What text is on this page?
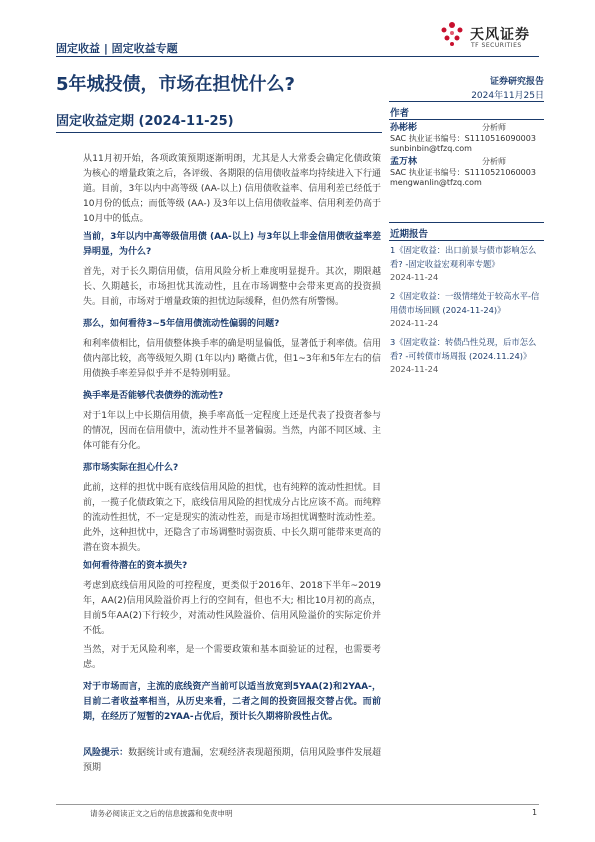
固定收益 | 固定收益专题
天风证券
TF SECURITIES
5年城投债，市场在担忧什么?	证券研究报告
2024年11月25日
固定收益定期 (2024-11-25)
作者
孙彬彬	分析师
SAC 执业证书编号：S1110516090003
sunbinbin@tfzq.com
孟万林	分析师
SAC 执业证书编号：S1110521060003
mengwanlin@tfzq.com
近期报告
1《固定收益：出口前景与债市影响怎么看? -固定收益宏观利率专题》
2024-11-24
2《固定收益：一级情绪处于较高水平-信用债市场回顾 (2024-11-24)》
2024-11-24
3《固定收益：转债凸性兑现，后市怎么看? -可转债市场周报 (2024.11.24)》
2024-11-24

从11月初开始，各项政策预期逐渐明朗，尤其是人大常委会确定化债政策为核心的增量政策之后，各评级、各期限的信用债收益率均持续进入下行通道。目前，3年以内中高等级 (AA-以上) 信用债收益率、信用利差已经低于10月份的低点；而低等级 (AA-) 及3年以上信用债收益率、信用利差仍高于10月中的低点。

当前，3年以内中高等级信用债 (AA-以上) 与3年以上非金信用债收益率差异明显，为什么?

首先，对于长久期信用债，信用风险分析上难度明显提升。其次，期限越长、久期越长，市场担忧其流动性，且在市场调整中会带来更高的投资损失。目前，市场对于增量政策的担忧边际缓释，但仍然有所警惕。

那么，如何看待3~5年信用债流动性偏弱的问题?

和利率债相比，信用债整体换手率的确是明显偏低，显著低于利率债。信用债内部比较，高等级短久期 (1年以内) 略微占优，但1~3年和5年左右的信用债换手率差异似乎并不是特别明显。

换手率是否能够代表债券的流动性?

对于1年以上中长期信用债，换手率高低一定程度上还是代表了投资者参与的情况，因而在信用债中，流动性并不显著偏弱。当然，内部不同区域、主体可能有分化。

那市场实际在担心什么?

此前，这样的担忧中既有底线信用风险的担忧，也有纯粹的流动性担忧。目前，一揽子化债政策之下，底线信用风险的担忧成分占比应该不高。而纯粹的流动性担忧，不一定是现实的流动性差，而是市场担忧调整时流动性差。此外，这种担忧中，还隐含了市场调整时弱资质、中长久期可能带来更高的潜在资本损失。

如何看待潜在的资本损失?

考虑到底线信用风险的可控程度，更类似于2016年、2018下半年~2019年，AA(2)信用风险溢价再上行的空间有，但也不大; 相比10月初的高点，目前5年AA(2)下行较少，对流动性风险溢价、信用风险溢价的实际定价并不低。

当然，对于无风险利率，是一个需要政策和基本面验证的过程，也需要考虑。

对于市场而言，主流的底线资产当前可以适当放宽到5YAA(2)和2YAA-，目前二者收益率相当，从历史来看，二者之间的投资回报交替占优。而前期，在经历了短暂的2YAA-占优后，预计长久期将阶段性占优。

风险提示：数据统计或有遗漏，宏观经济表现超预期，信用风险事件发展超预期

请务必阅读正文之后的信息披露和免责申明	1
